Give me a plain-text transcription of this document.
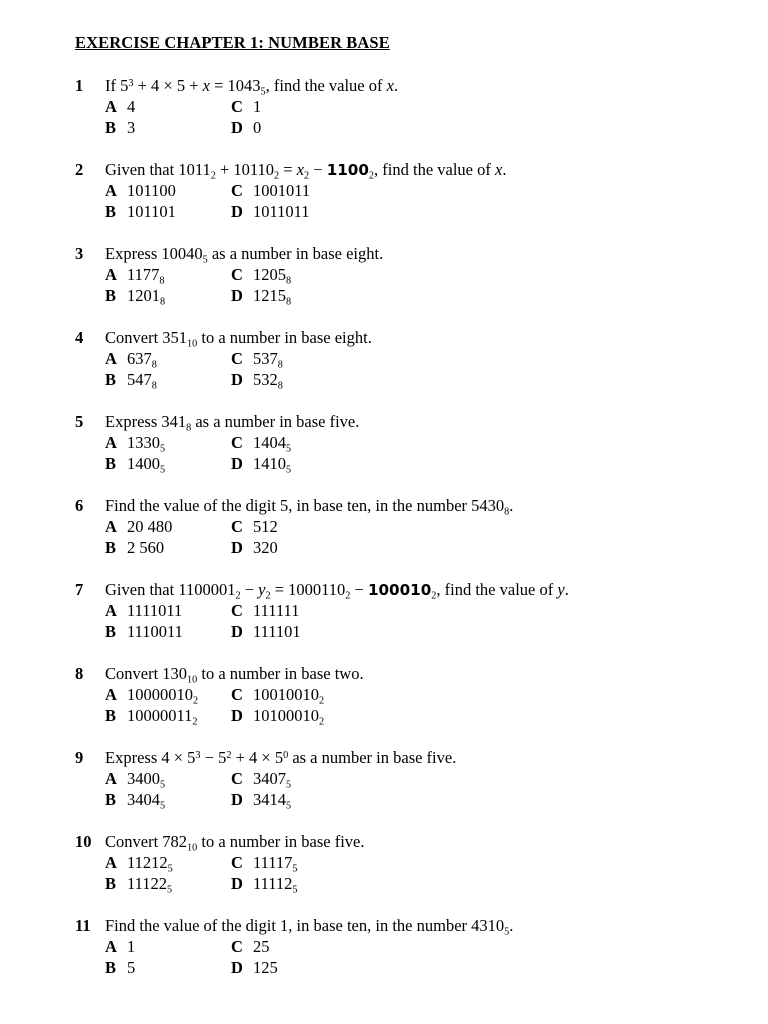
EXERCISE CHAPTER 1: NUMBER BASE
1 If $5^3 + 4 \times 5 + x = 1043_5$, find the value of x.
A 4	C 1
B 3	D 0
2 Given that $1011_2 + 10110_2 = x_2 - 1100_2$, find the value of x.
A 101100	C 1001011
B 101101	D 1011011
3 Express $10040_5$ as a number in base eight.
A $1177_8$	C $1205_8$
B $1201_8$	D $1215_8$
4 Convert $351_{10}$ to a number in base eight.
A $637_8$	C $537_8$
B $547_8$	D $532_8$
5 Express $341_8$ as a number in base five.
A $1330_5$	C $1404_5$
B $1400_5$	D $1410_5$
6 Find the value of the digit 5, in base ten, in the number $5430_8$.
A 20 480	C 512
B 2 560	D 320
7 Given that $1100001_2 - y_2 = 1000110_2 - 100010_2$, find the value of y.
A 1111011	C 111111
B 1110011	D 111101
8 Convert $130_{10}$ to a number in base two.
A $10000010_2$ C $10010010_2$
B $10000011_2$ D $10100010_2$
9 Express $4 \times 5^3 - 5^2 + 4 \times 5^0$ as a number in base five.
A $3400_5$	C $3407_5$
B $3404_5$	D $3414_5$
10 Convert $782_{10}$ to a number in base five.
A $11212_5$	C $11117_5$
B $11122_5$	D $11112_5$
11 Find the value of the digit 1, in base ten, in the number $4310_5$.
A 1	C 25
B 5	D 125
